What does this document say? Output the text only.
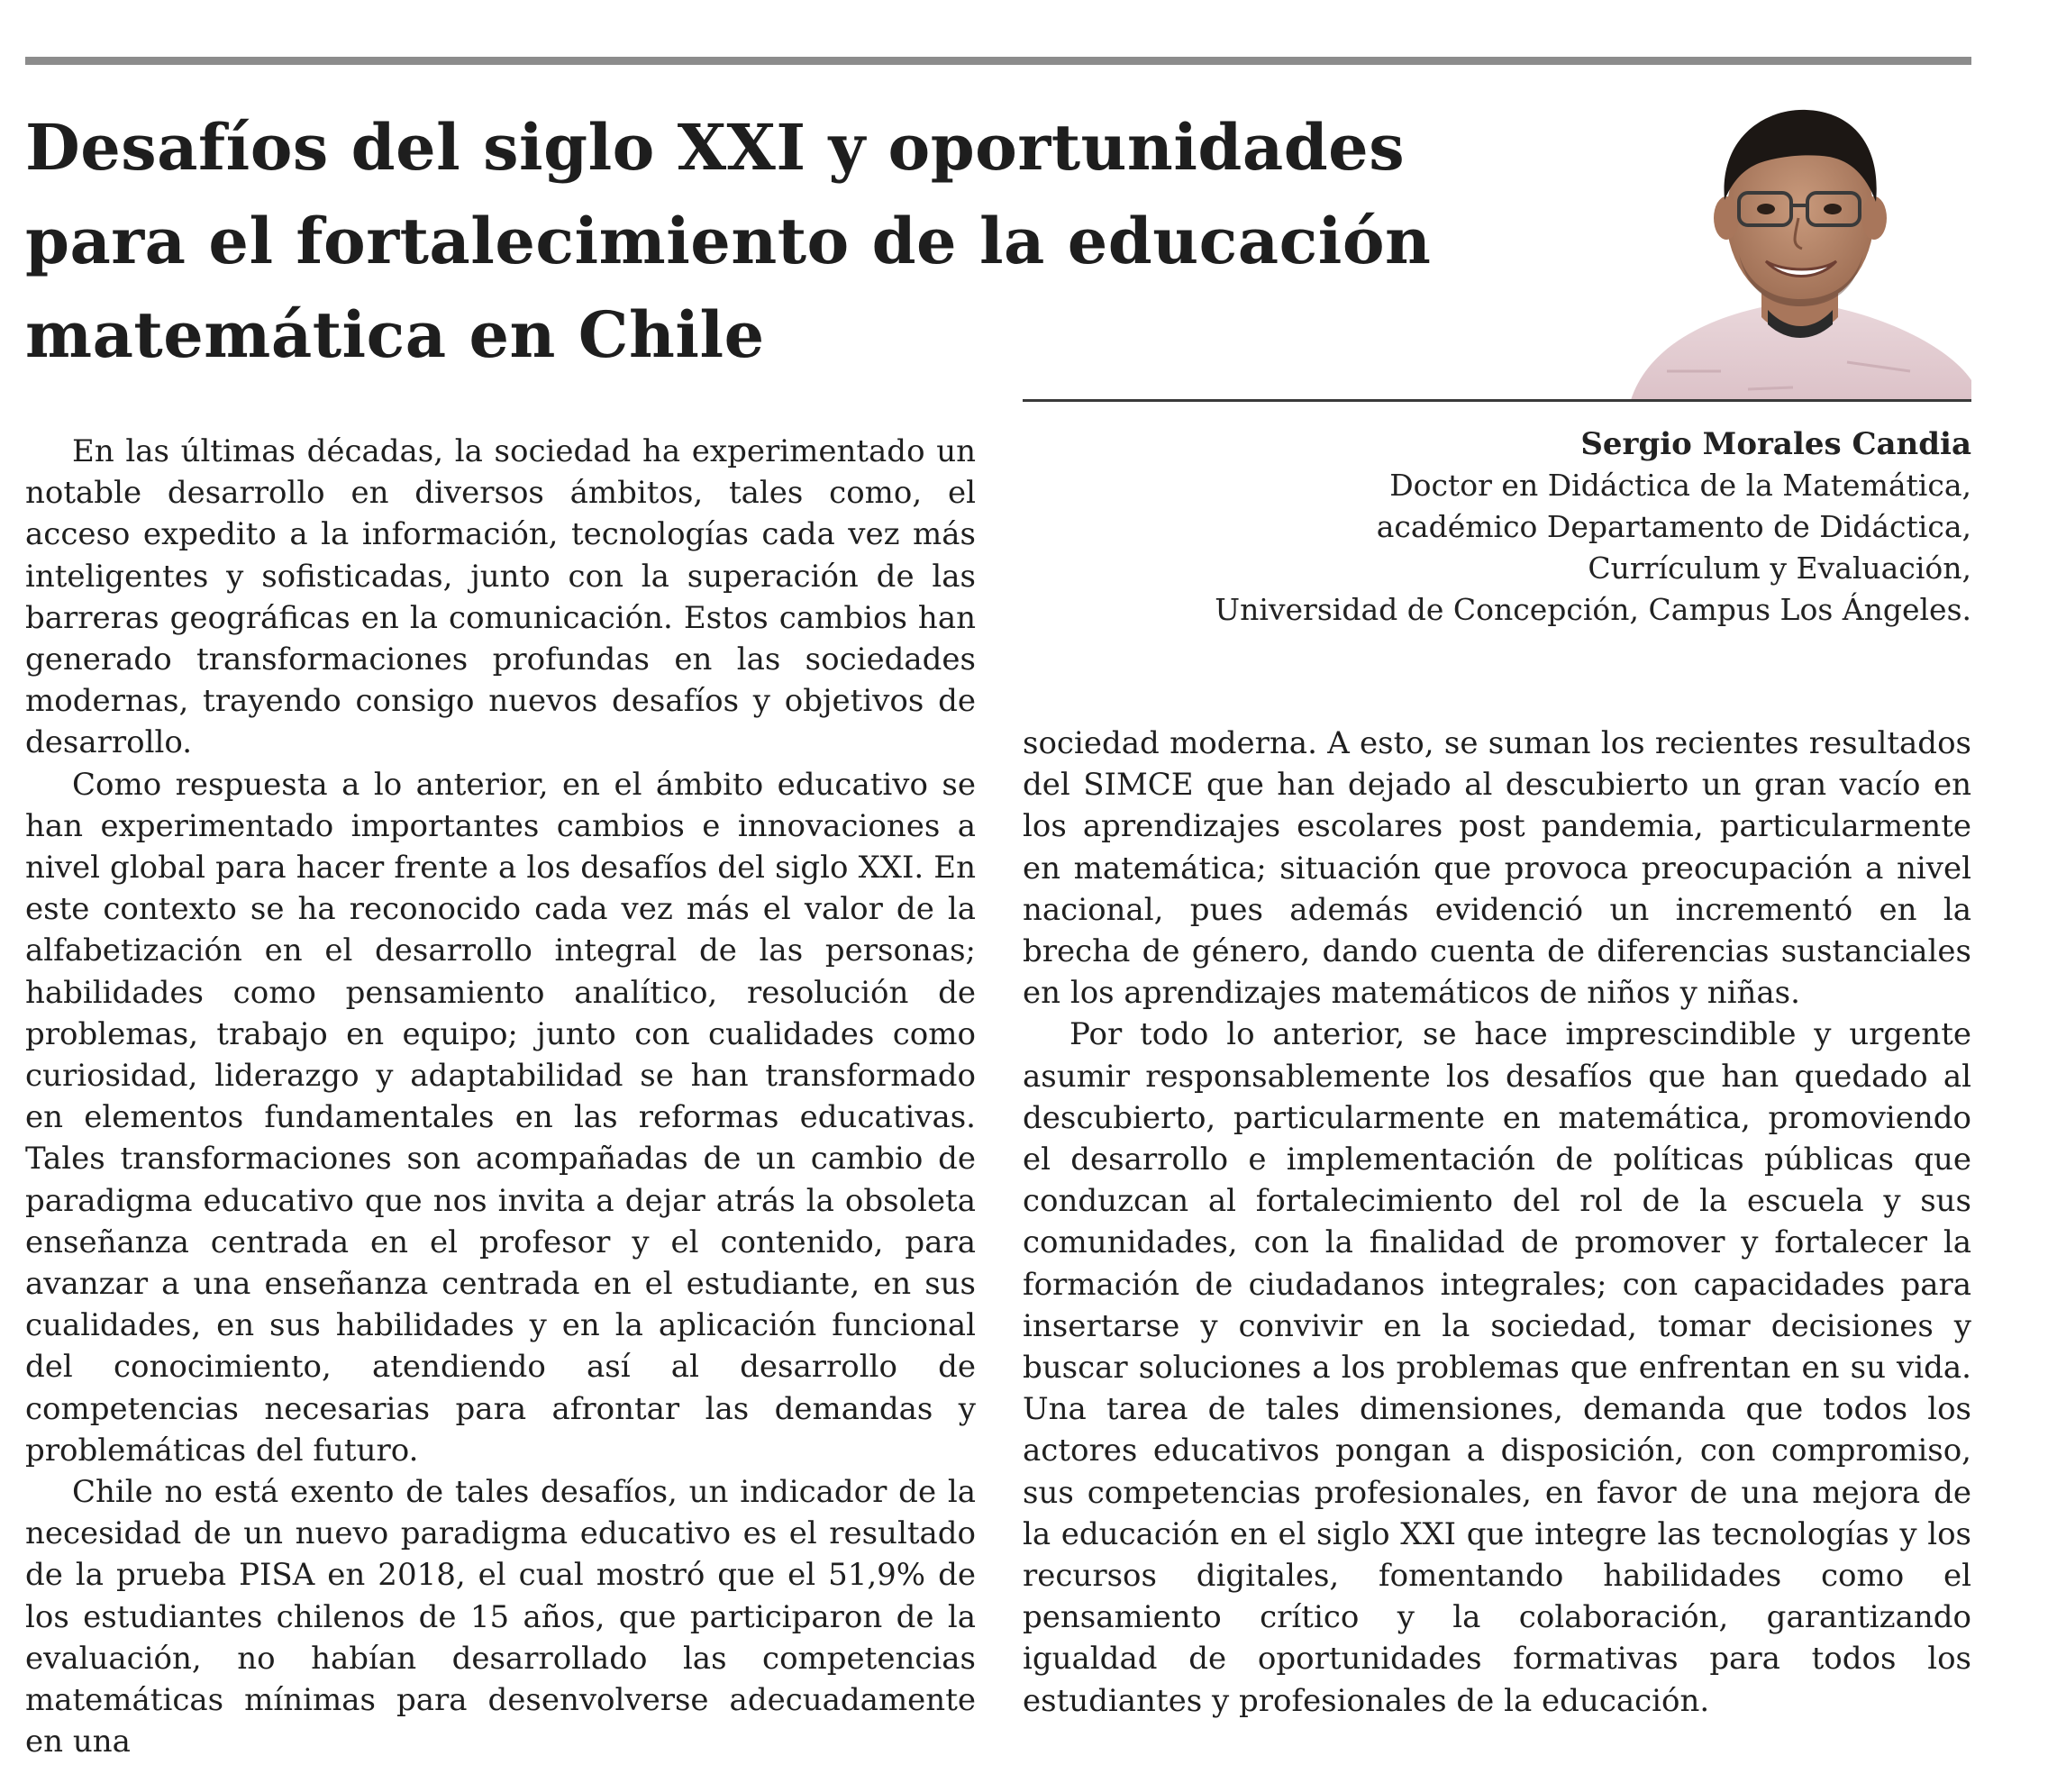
Desafíos del siglo XXI y oportunidades
para el fortalecimiento de la educación
matemática en Chile
Sergio Morales Candia
Doctor en Didáctica de la Matemática,
académico Departamento de Didáctica,
Currículum y Evaluación,
Universidad de Concepción, Campus Los Ángeles.

En las últimas décadas, la sociedad ha experimentado un notable desarrollo en diversos ámbitos, tales como, el acceso expedito a la información, tecnologías cada vez más inteligentes y sofisticadas, junto con la superación de las barreras geográficas en la comunicación. Estos cambios han generado transformaciones profundas en las sociedades modernas, trayendo consigo nuevos desafíos y objetivos de desarrollo.

Como respuesta a lo anterior, en el ámbito educativo se han experimentado importantes cambios e innovaciones a nivel global para hacer frente a los desafíos del siglo XXI. En este contexto se ha reconocido cada vez más el valor de la alfabetización en el desarrollo integral de las personas; habilidades como pensamiento analítico, resolución de problemas, trabajo en equipo; junto con cualidades como curiosidad, liderazgo y adaptabilidad se han transformado en elementos fundamentales en las reformas educativas. Tales transformaciones son acompañadas de un cambio de paradigma educativo que nos invita a dejar atrás la obsoleta enseñanza centrada en el profesor y el contenido, para avanzar a una enseñanza centrada en el estudiante, en sus cualidades, en sus habilidades y en la aplicación funcional del conocimiento, atendiendo así al desarrollo de competencias necesarias para afrontar las demandas y problemáticas del futuro.

Chile no está exento de tales desafíos, un indicador de la necesidad de un nuevo paradigma educativo es el resultado de la prueba PISA en 2018, el cual mostró que el 51,9% de los estudiantes chilenos de 15 años, que participaron de la evaluación, no habían desarrollado las competencias matemáticas mínimas para desenvolverse adecuadamente en una

sociedad moderna. A esto, se suman los recientes resultados del SIMCE que han dejado al descubierto un gran vacío en los aprendizajes escolares post pandemia, particularmente en matemática; situación que provoca preocupación a nivel nacional, pues además evidenció un incrementó en la brecha de género, dando cuenta de diferencias sustanciales en los aprendizajes matemáticos de niños y niñas.

Por todo lo anterior, se hace imprescindible y urgente asumir responsablemente los desafíos que han quedado al descubierto, particularmente en matemática, promoviendo el desarrollo e implementación de políticas públicas que conduzcan al fortalecimiento del rol de la escuela y sus comunidades, con la finalidad de promover y fortalecer la formación de ciudadanos integrales; con capacidades para insertarse y convivir en la sociedad, tomar decisiones y buscar soluciones a los problemas que enfrentan en su vida. Una tarea de tales dimensiones, demanda que todos los actores educativos pongan a disposición, con compromiso, sus competencias profesionales, en favor de una mejora de la educación en el siglo XXI que integre las tecnologías y los recursos digitales, fomentando habilidades como el pensamiento crítico y la colaboración, garantizando igualdad de oportunidades formativas para todos los estudiantes y profesionales de la educación.
